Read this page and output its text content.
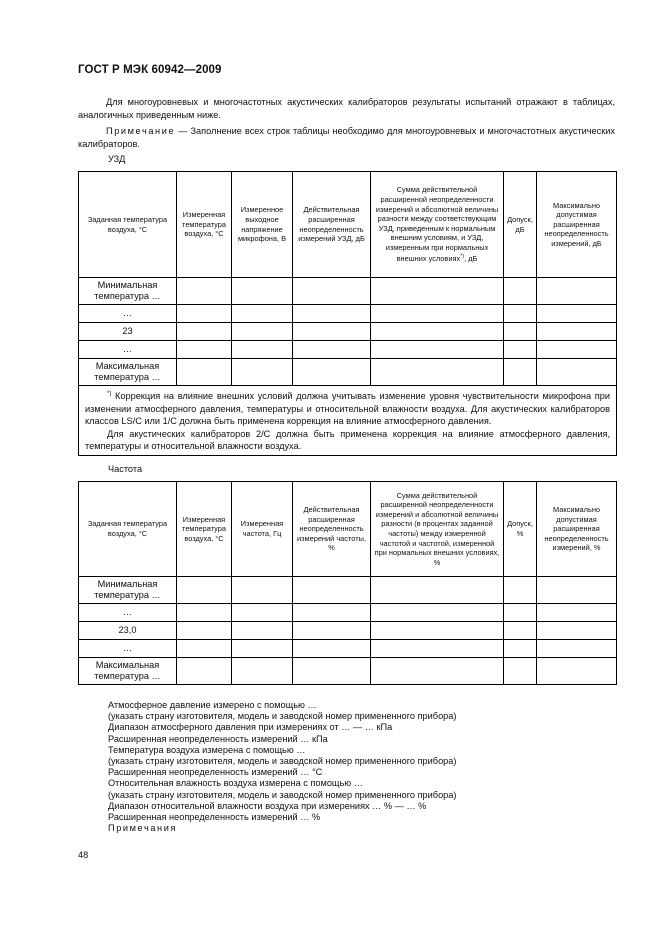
ГОСТ Р МЭК 60942—2009
Для многоуровневых и многочастотных акустических калибраторов результаты испытаний отражают в таблицах, аналогичных приведенным ниже.
Примечание — Заполнение всех строк таблицы необходимо для многоуровневых и многочастотных акустических калибраторов.
УЗД
Заданная температура воздуха, °С	Измеренная температура воздуха, °С	Измеренное выходное напряжение микрофона, В	Действительная расширенная неопределенность измерений УЗД, дБ	Сумма действительной расширенной неопределенности измерений и абсолютной величины разности между соответствующим УЗД, приведенным к нормальным внешним условиям, и УЗД, измеренным при нормальных внешних условиях*), дБ	Допуск, дБ	Максимально допустимая расширенная неопределенность измерений, дБ
Минимальная температура …						
…						
23						
…						
Максимальная температура …						

*) Коррекция на влияние внешних условий должна учитывать изменение уровня чувствительности микрофона при изменении атмосферного давления, температуры и относительной влажности воздуха. Для акустических калибраторов классов LS/C или 1/C должна быть применена коррекция на влияние атмосферного давления.
Для акустических калибраторов 2/C должна быть применена коррекция на влияние атмосферного давления, температуры и относительной влажности воздуха.						
Частота
Заданная температура воздуха, °С	Измеренная температура воздуха, °С	Измеренная частота, Гц	Действительная расширенная неопределенность измерений частоты, %	Сумма действительной расширенной неопределенности измерений и абсолютной величины разности (в процентах заданной частоты) между измеренной частотой и частотой, измеренной при нормальных внешних условиях, %	Допуск, %	Максимально допустимая расширенная неопределенность измерений, %
Минимальная температура …						
…						
23,0						
…						
Максимальная температура …						
Атмосферное давление измерено с помощью …
(указать страну изготовителя, модель и заводской номер примененного прибора)
Диапазон атмосферного давления при измерениях от … — … кПа
Расширенная неопределенность измерений … кПа
Температура воздуха измерена с помощью …
(указать страну изготовителя, модель и заводской номер примененного прибора)
Расширенная неопределенность измерений … °С
Относительная влажность воздуха измерена с помощью …
(указать страну изготовителя, модель и заводской номер примененного прибора)
Диапазон относительной влажности воздуха при измерениях … % — … %
Расширенная неопределенность измерений … %
Примечания
48
